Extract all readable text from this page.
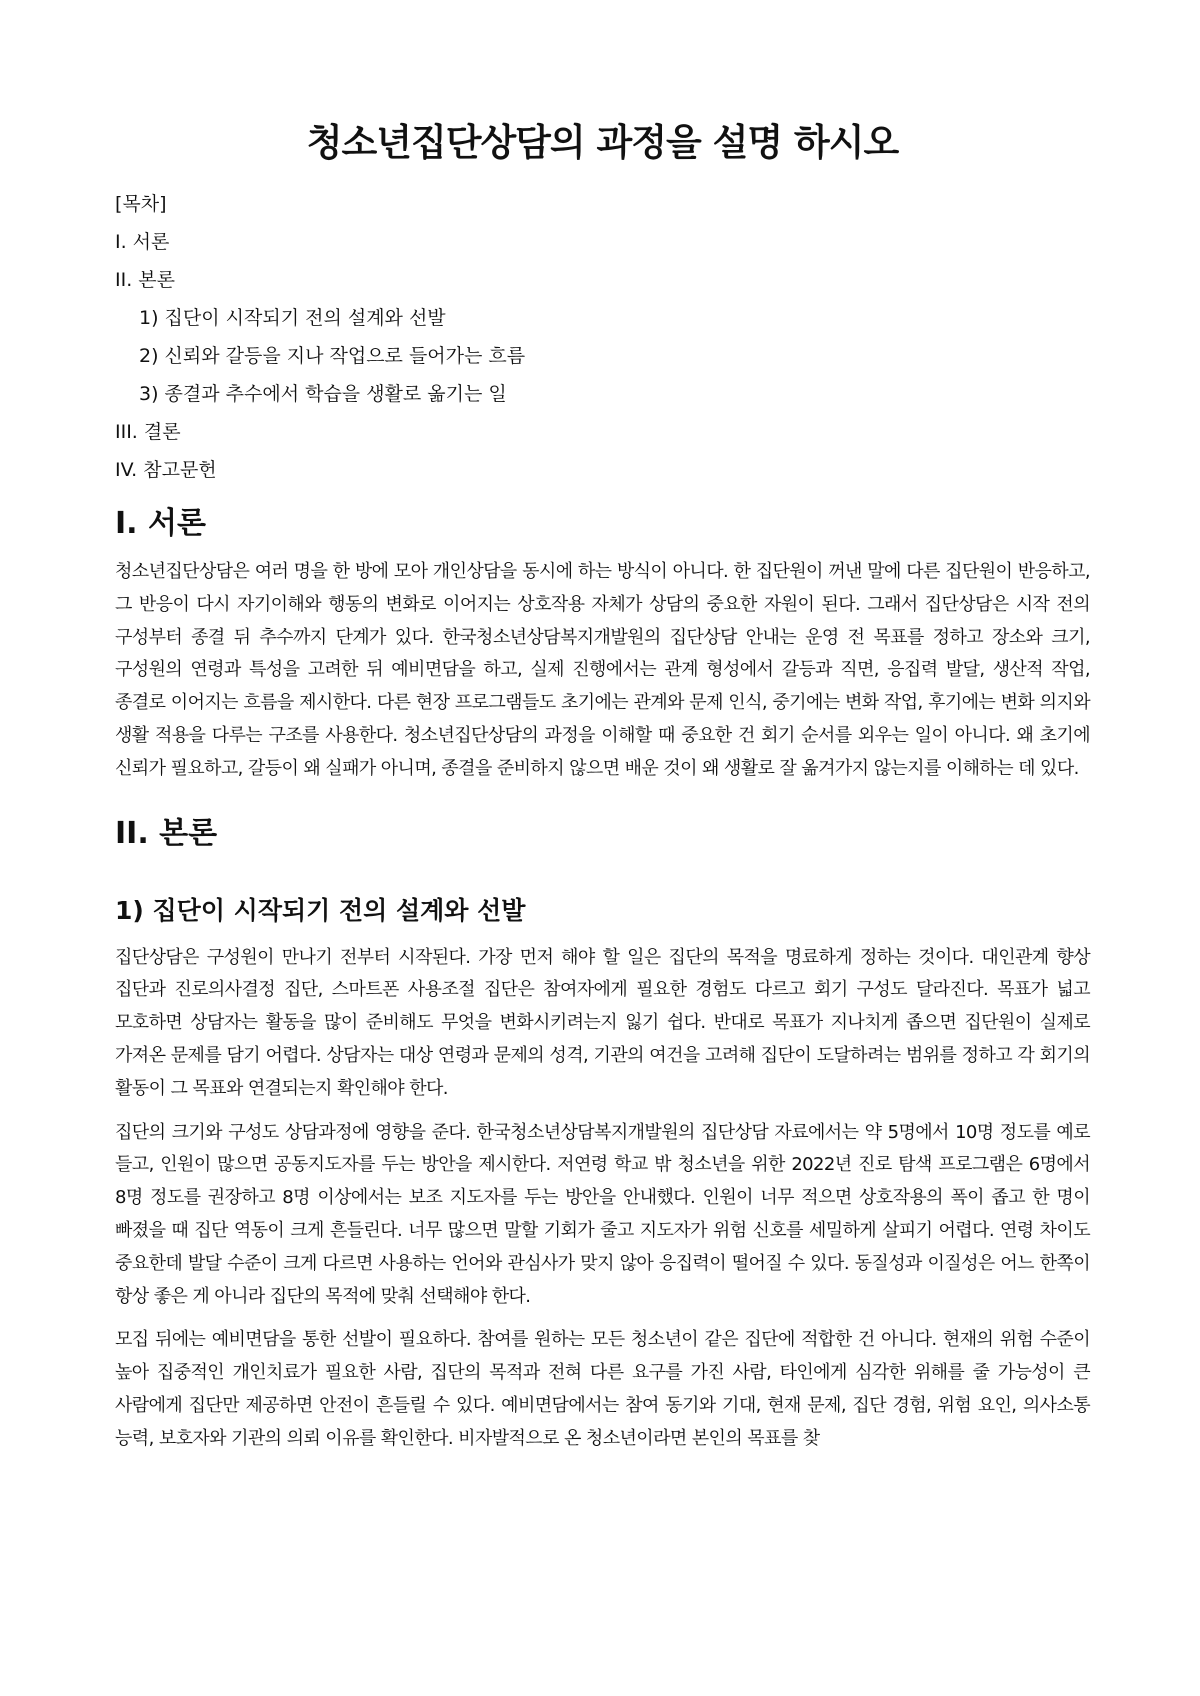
청소년집단상담의 과정을 설명 하시오
[목차]
I. 서론
II. 본론
1) 집단이 시작되기 전의 설계와 선발
2) 신뢰와 갈등을 지나 작업으로 들어가는 흐름
3) 종결과 추수에서 학습을 생활로 옮기는 일
III. 결론
IV. 참고문헌
I. 서론

청소년집단상담은 여러 명을 한 방에 모아 개인상담을 동시에 하는 방식이 아니다. 한 집단원이 꺼낸 말에 다른 집단원이 반응하고, 그 반응이 다시 자기이해와 행동의 변화로 이어지는 상호작용 자체가 상담의 중요한 자원이 된다. 그래서 집단상담은 시작 전의 구성부터 종결 뒤 추수까지 단계가 있다. 한국청소년상담복지개발원의 집단상담 안내는 운영 전 목표를 정하고 장소와 크기, 구성원의 연령과 특성을 고려한 뒤 예비면담을 하고, 실제 진행에서는 관계 형성에서 갈등과 직면, 응집력 발달, 생산적 작업, 종결로 이어지는 흐름을 제시한다. 다른 현장 프로그램들도 초기에는 관계와 문제 인식, 중기에는 변화 작업, 후기에는 변화 의지와 생활 적용을 다루는 구조를 사용한다. 청소년집단상담의 과정을 이해할 때 중요한 건 회기 순서를 외우는 일이 아니다. 왜 초기에 신뢰가 필요하고, 갈등이 왜 실패가 아니며, 종결을 준비하지 않으면 배운 것이 왜 생활로 잘 옮겨가지 않는지를 이해하는 데 있다.

II. 본론
1) 집단이 시작되기 전의 설계와 선발

집단상담은 구성원이 만나기 전부터 시작된다. 가장 먼저 해야 할 일은 집단의 목적을 명료하게 정하는 것이다. 대인관계 향상 집단과 진로의사결정 집단, 스마트폰 사용조절 집단은 참여자에게 필요한 경험도 다르고 회기 구성도 달라진다. 목표가 넓고 모호하면 상담자는 활동을 많이 준비해도 무엇을 변화시키려는지 잃기 쉽다. 반대로 목표가 지나치게 좁으면 집단원이 실제로 가져온 문제를 담기 어렵다. 상담자는 대상 연령과 문제의 성격, 기관의 여건을 고려해 집단이 도달하려는 범위를 정하고 각 회기의 활동이 그 목표와 연결되는지 확인해야 한다.

집단의 크기와 구성도 상담과정에 영향을 준다. 한국청소년상담복지개발원의 집단상담 자료에서는 약 5명에서 10명 정도를 예로 들고, 인원이 많으면 공동지도자를 두는 방안을 제시한다. 저연령 학교 밖 청소년을 위한 2022년 진로 탐색 프로그램은 6명에서 8명 정도를 권장하고 8명 이상에서는 보조 지도자를 두는 방안을 안내했다. 인원이 너무 적으면 상호작용의 폭이 좁고 한 명이 빠졌을 때 집단 역동이 크게 흔들린다. 너무 많으면 말할 기회가 줄고 지도자가 위험 신호를 세밀하게 살피기 어렵다. 연령 차이도 중요한데 발달 수준이 크게 다르면 사용하는 언어와 관심사가 맞지 않아 응집력이 떨어질 수 있다. 동질성과 이질성은 어느 한쪽이 항상 좋은 게 아니라 집단의 목적에 맞춰 선택해야 한다.

모집 뒤에는 예비면담을 통한 선발이 필요하다. 참여를 원하는 모든 청소년이 같은 집단에 적합한 건 아니다. 현재의 위험 수준이 높아 집중적인 개인치료가 필요한 사람, 집단의 목적과 전혀 다른 요구를 가진 사람, 타인에게 심각한 위해를 줄 가능성이 큰 사람에게 집단만 제공하면 안전이 흔들릴 수 있다. 예비면담에서는 참여 동기와 기대, 현재 문제, 집단 경험, 위험 요인, 의사소통 능력, 보호자와 기관의 의뢰 이유를 확인한다. 비자발적으로 온 청소년이라면 본인의 목표를 찾
